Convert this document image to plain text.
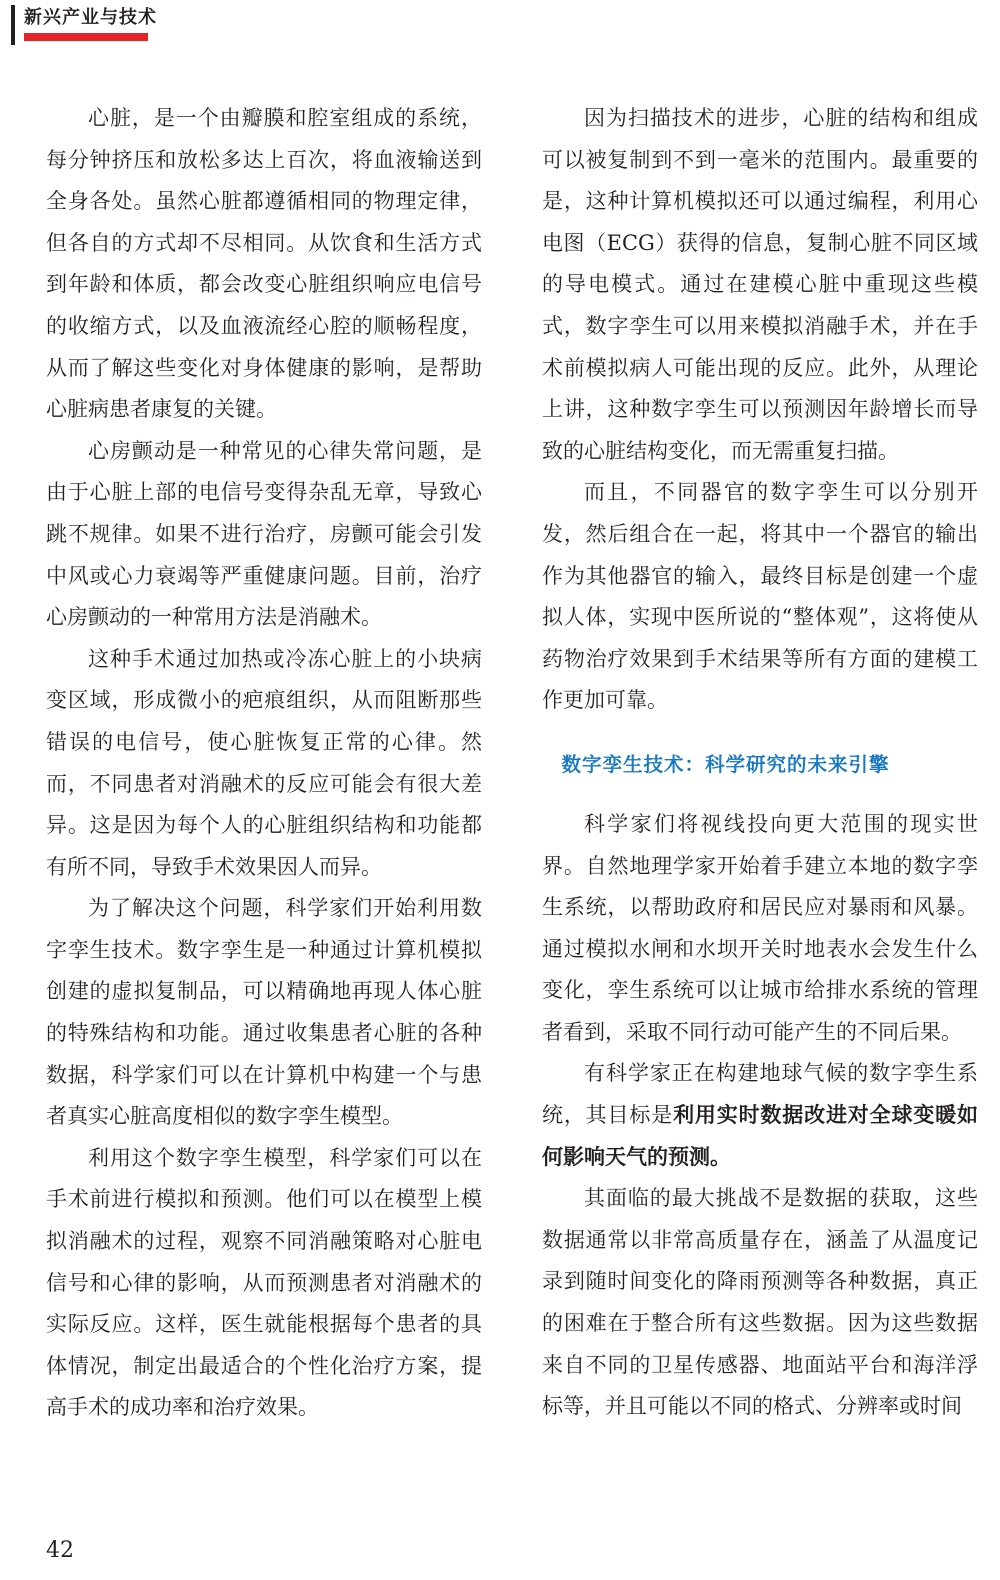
新兴产业与技术

心脏，是一个由瓣膜和腔室组成的系统，每分钟挤压和放松多达上百次，将血液输送到全身各处。虽然心脏都遵循相同的物理定律，但各自的方式却不尽相同。从饮食和生活方式到年龄和体质，都会改变心脏组织响应电信号的收缩方式，以及血液流经心腔的顺畅程度，从而了解这些变化对身体健康的影响，是帮助心脏病患者康复的关键。

心房颤动是一种常见的心律失常问题，是由于心脏上部的电信号变得杂乱无章，导致心跳不规律。如果不进行治疗，房颤可能会引发中风或心力衰竭等严重健康问题。目前，治疗心房颤动的一种常用方法是消融术。

这种手术通过加热或冷冻心脏上的小块病变区域，形成微小的疤痕组织，从而阻断那些错误的电信号，使心脏恢复正常的心律。然而，不同患者对消融术的反应可能会有很大差异。这是因为每个人的心脏组织结构和功能都有所不同，导致手术效果因人而异。

为了解决这个问题，科学家们开始利用数字孪生技术。数字孪生是一种通过计算机模拟创建的虚拟复制品，可以精确地再现人体心脏的特殊结构和功能。通过收集患者心脏的各种数据，科学家们可以在计算机中构建一个与患者真实心脏高度相似的数字孪生模型。

利用这个数字孪生模型，科学家们可以在手术前进行模拟和预测。他们可以在模型上模拟消融术的过程，观察不同消融策略对心脏电信号和心律的影响，从而预测患者对消融术的实际反应。这样，医生就能根据每个患者的具体情况，制定出最适合的个性化治疗方案，提高手术的成功率和治疗效果。

因为扫描技术的进步，心脏的结构和组成可以被复制到不到一毫米的范围内。最重要的是，这种计算机模拟还可以通过编程，利用心电图（ECG）获得的信息，复制心脏不同区域的导电模式。通过在建模心脏中重现这些模式，数字孪生可以用来模拟消融手术，并在手术前模拟病人可能出现的反应。此外，从理论上讲，这种数字孪生可以预测因年龄增长而导致的心脏结构变化，而无需重复扫描。

而且，不同器官的数字孪生可以分别开发，然后组合在一起，将其中一个器官的输出作为其他器官的输入，最终目标是创建一个虚拟人体，实现中医所说的“整体观”，这将使从药物治疗效果到手术结果等所有方面的建模工作更加可靠。

数字孪生技术：科学研究的未来引擎

科学家们将视线投向更大范围的现实世界。自然地理学家开始着手建立本地的数字孪生系统，以帮助政府和居民应对暴雨和风暴。通过模拟水闸和水坝开关时地表水会发生什么变化，孪生系统可以让城市给排水系统的管理者看到，采取不同行动可能产生的不同后果。

有科学家正在构建地球气候的数字孪生系统，其目标是利用实时数据改进对全球变暖如何影响天气的预测。

其面临的最大挑战不是数据的获取，这些数据通常以非常高质量存在，涵盖了从温度记录到随时间变化的降雨预测等各种数据，真正的困难在于整合所有这些数据。因为这些数据来自不同的卫星传感器、地面站平台和海洋浮标等，并且可能以不同的格式、分辨率或时间

42
